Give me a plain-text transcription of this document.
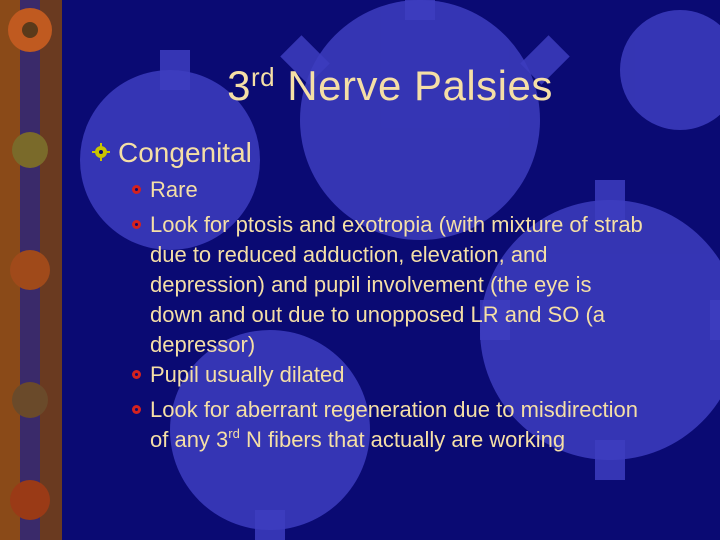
3rd Nerve Palsies
Congenital
Rare
Look for ptosis and exotropia (with mixture of strab
due to reduced adduction, elevation, and
depression) and pupil involvement (the eye is
down and out due to unopposed LR and SO (a
depressor)
Pupil usually dilated
Look for aberrant regeneration due to misdirection
of any 3rd N fibers that actually are working
